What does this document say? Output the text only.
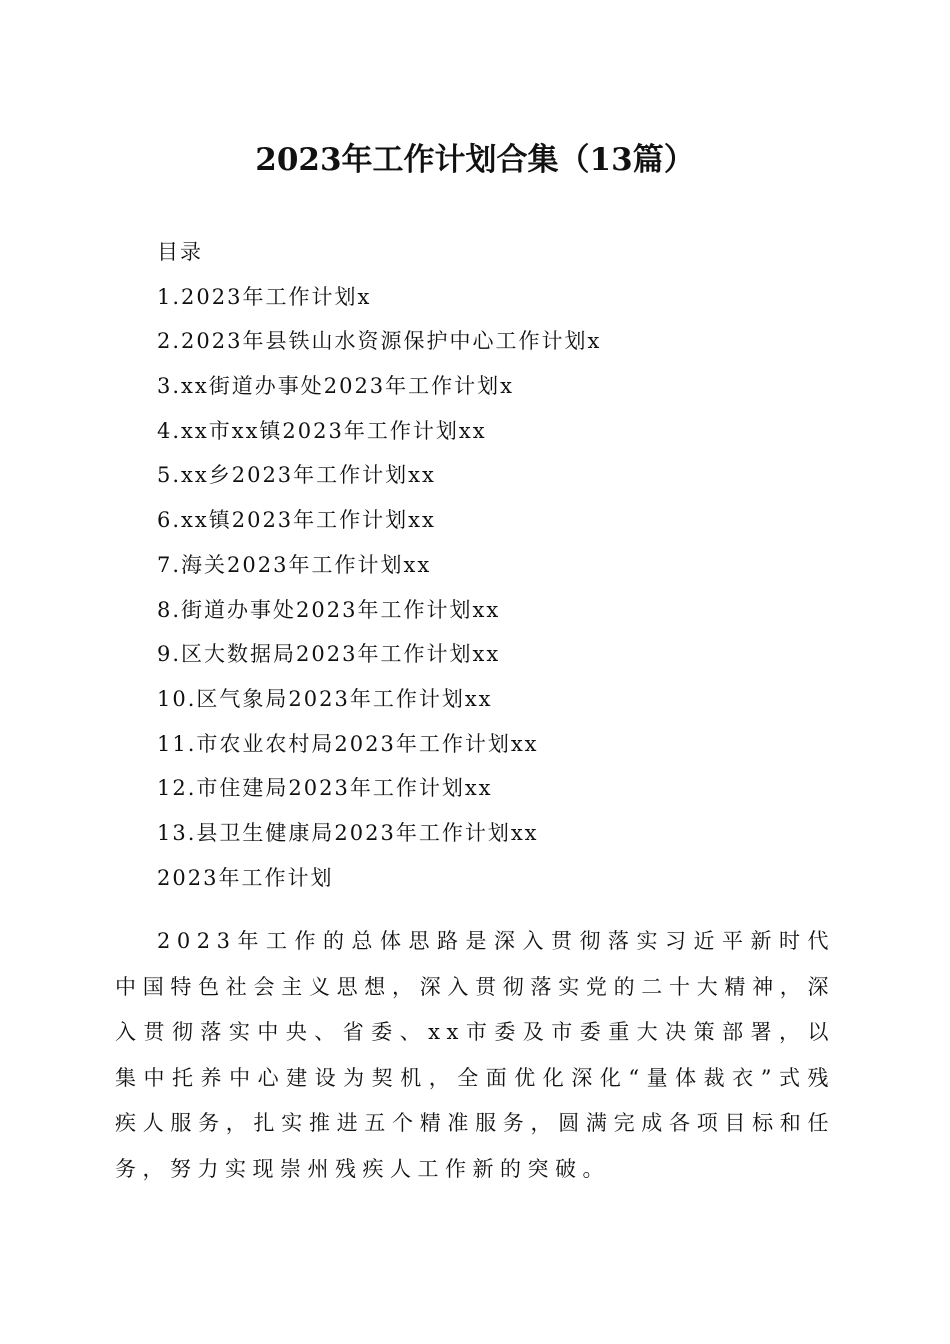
2023年工作计划合集（13篇）
目录
1.2023年工作计划x
2.2023年县铁山水资源保护中心工作计划x
3.xx街道办事处2023年工作计划x
4.xx市xx镇2023年工作计划xx
5.xx乡2023年工作计划xx
6.xx镇2023年工作计划xx
7.海关2023年工作计划xx
8.街道办事处2023年工作计划xx
9.区大数据局2023年工作计划xx
10.区气象局2023年工作计划xx
11.市农业农村局2023年工作计划xx
12.市住建局2023年工作计划xx
13.县卫生健康局2023年工作计划xx
2023年工作计划

2023年工作的总体思路是深入贯彻落实习近平新时代中国特色社会主义思想，深入贯彻落实党的二十大精神，深入贯彻落实中央、省委、xx市委及市委重大决策部署，以集中托养中心建设为契机，全面优化深化“量体裁衣”式残疾人服务，扎实推进五个精准服务，圆满完成各项目标和任务，努力实现崇州残疾人工作新的突破。
